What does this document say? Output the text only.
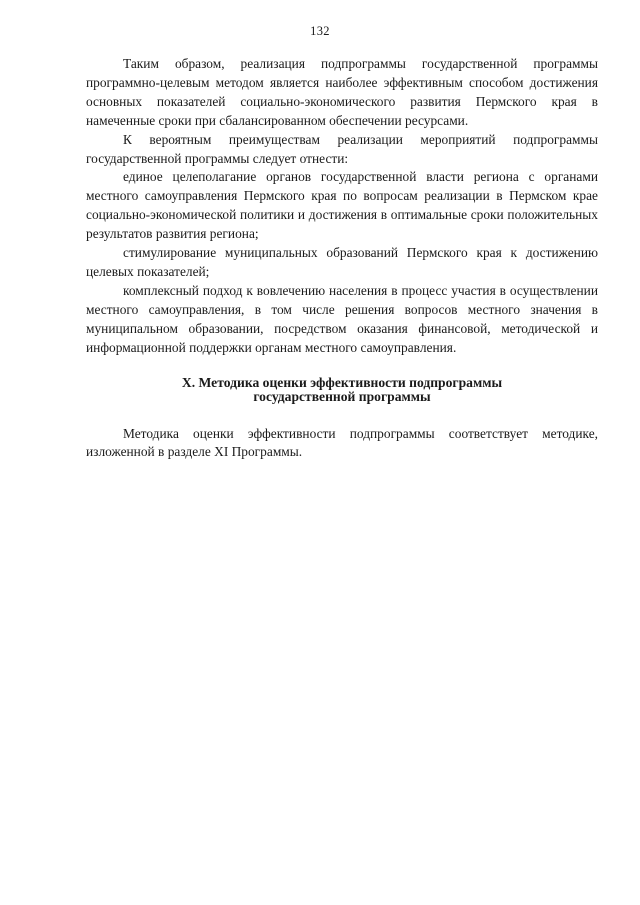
132

Таким образом, реализация подпрограммы государственной программы программно-целевым методом является наиболее эффективным способом достижения основных показателей социально-экономического развития Пермского края в намеченные сроки при сбалансированном обеспечении ресурсами.

К вероятным преимуществам реализации мероприятий подпрограммы государственной программы следует отнести:

единое целеполагание органов государственной власти региона с органами местного самоуправления Пермского края по вопросам реализации в Пермском крае социально-экономической политики и достижения в оптимальные сроки положительных результатов развития региона;

стимулирование муниципальных образований Пермского края к достижению целевых показателей;

комплексный подход к вовлечению населения в процесс участия в осуществлении местного самоуправления, в том числе решения вопросов местного значения в муниципальном образовании, посредством оказания финансовой, методической и информационной поддержки органам местного самоуправления.

X. Методика оценки эффективности подпрограммы

государственной программы

Методика оценки эффективности подпрограммы соответствует методике, изложенной в разделе XI Программы.
